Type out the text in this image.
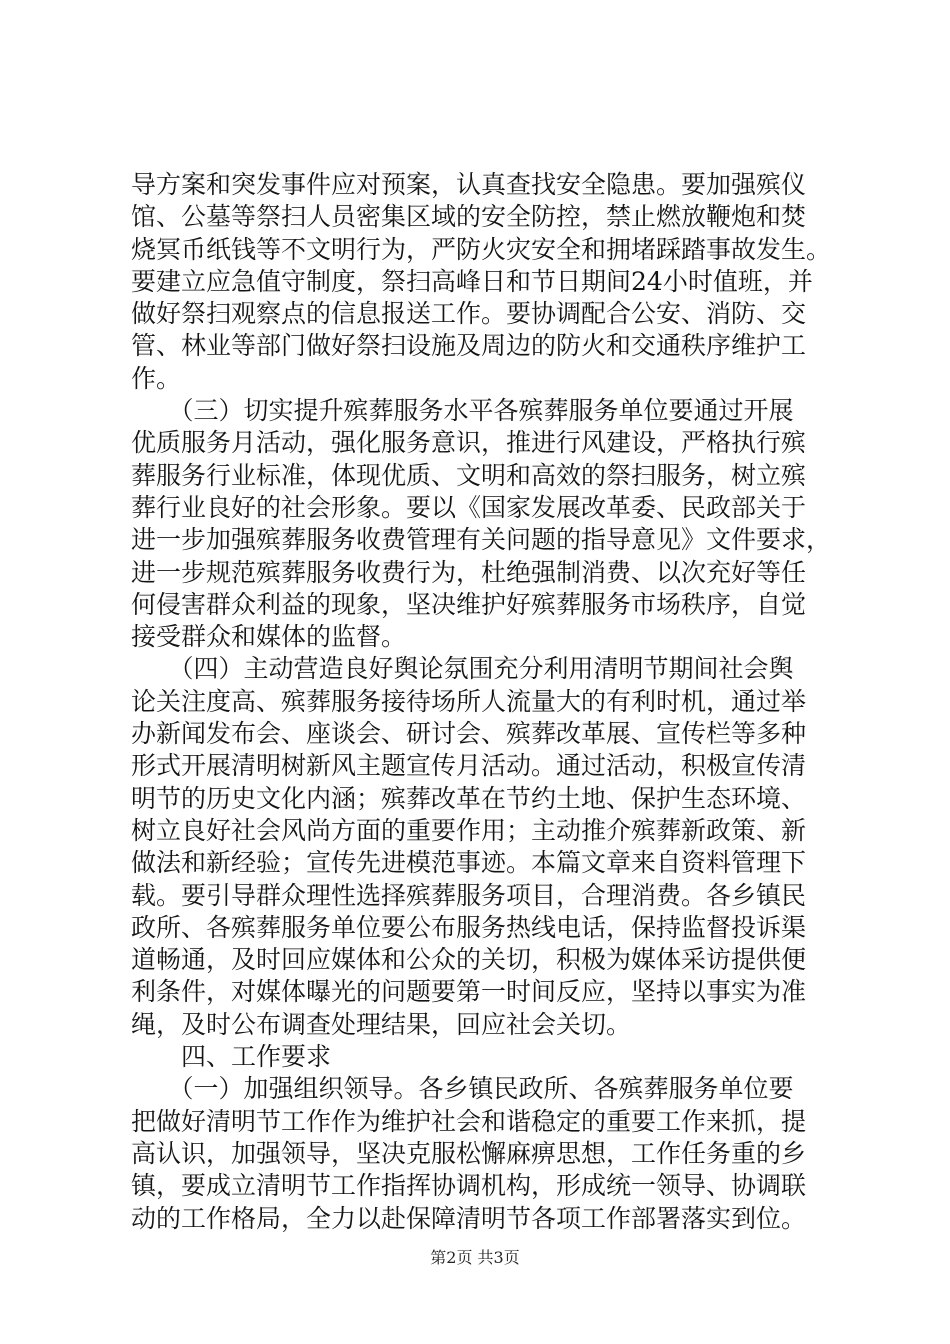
导方案和突发事件应对预案，认真查找安全隐患。要加强殡仪
馆、公墓等祭扫人员密集区域的安全防控，禁止燃放鞭炮和焚
烧冥币纸钱等不文明行为，严防火灾安全和拥堵踩踏事故发生。
要建立应急值守制度，祭扫高峰日和节日期间24小时值班，并
做好祭扫观察点的信息报送工作。要协调配合公安、消防、交
管、林业等部门做好祭扫设施及周边的防火和交通秩序维护工
作。
　　（三）切实提升殡葬服务水平各殡葬服务单位要通过开展
优质服务月活动，强化服务意识，推进行风建设，严格执行殡
葬服务行业标准，体现优质、文明和高效的祭扫服务，树立殡
葬行业良好的社会形象。要以《国家发展改革委、民政部关于
进一步加强殡葬服务收费管理有关问题的指导意见》文件要求，
进一步规范殡葬服务收费行为，杜绝强制消费、以次充好等任
何侵害群众利益的现象，坚决维护好殡葬服务市场秩序，自觉
接受群众和媒体的监督。
　　（四）主动营造良好舆论氛围充分利用清明节期间社会舆
论关注度高、殡葬服务接待场所人流量大的有利时机，通过举
办新闻发布会、座谈会、研讨会、殡葬改革展、宣传栏等多种
形式开展清明树新风主题宣传月活动。通过活动，积极宣传清
明节的历史文化内涵；殡葬改革在节约土地、保护生态环境、
树立良好社会风尚方面的重要作用；主动推介殡葬新政策、新
做法和新经验；宣传先进模范事迹。本篇文章来自资料管理下
载。要引导群众理性选择殡葬服务项目，合理消费。各乡镇民
政所、各殡葬服务单位要公布服务热线电话，保持监督投诉渠
道畅通，及时回应媒体和公众的关切，积极为媒体采访提供便
利条件，对媒体曝光的问题要第一时间反应，坚持以事实为准
绳，及时公布调查处理结果，回应社会关切。
　　四、工作要求
　　（一）加强组织领导。各乡镇民政所、各殡葬服务单位要
把做好清明节工作作为维护社会和谐稳定的重要工作来抓，提
高认识，加强领导，坚决克服松懈麻痹思想，工作任务重的乡
镇，要成立清明节工作指挥协调机构，形成统一领导、协调联
动的工作格局，全力以赴保障清明节各项工作部署落实到位。
第2页 共3页
